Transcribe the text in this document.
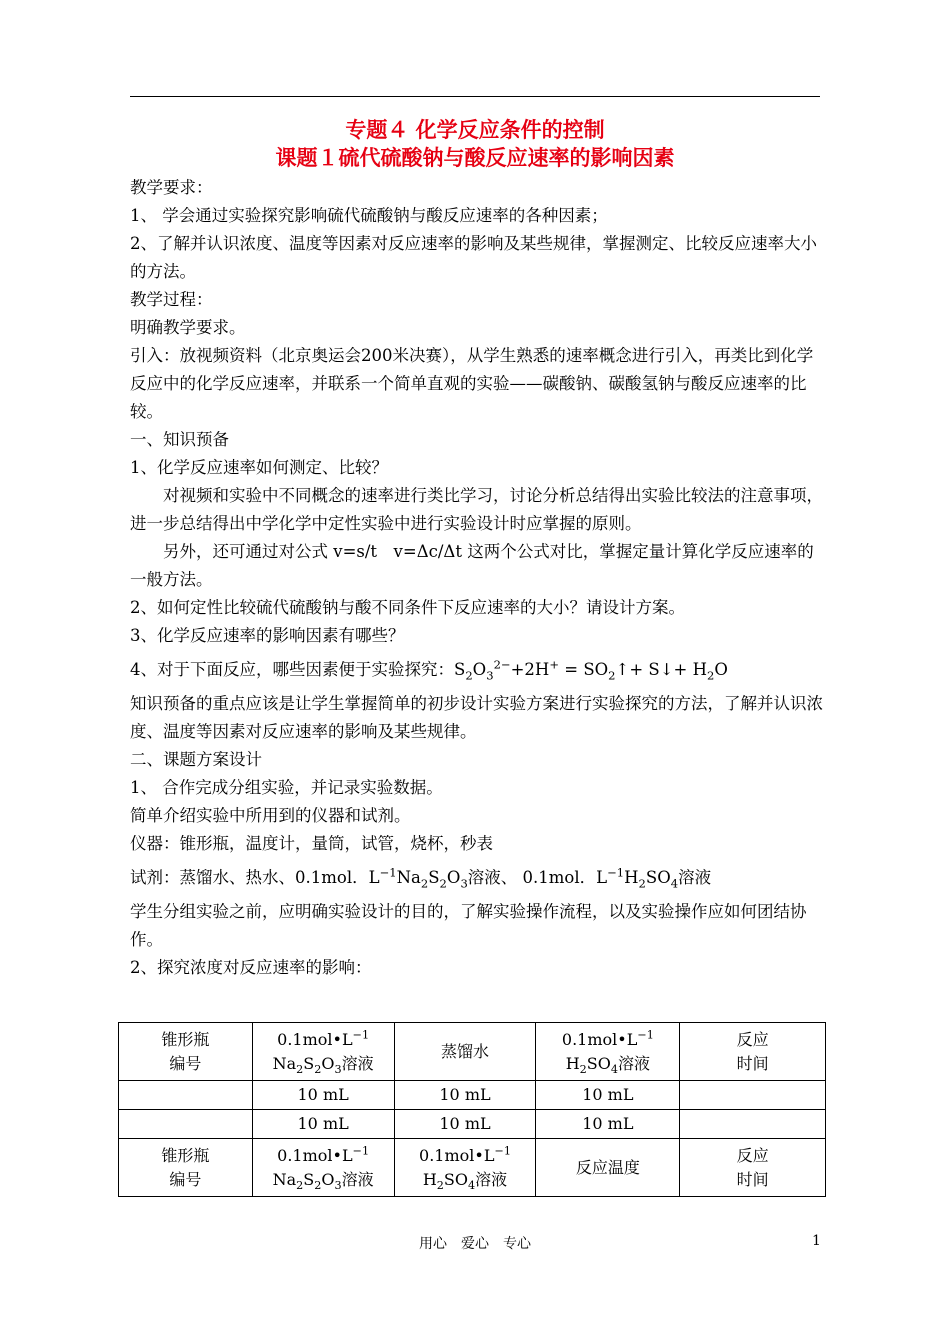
专题４ 化学反应条件的控制
课题１硫代硫酸钠与酸反应速率的影响因素

教学要求：

1、 学会通过实验探究影响硫代硫酸钠与酸反应速率的各种因素；

2、了解并认识浓度、温度等因素对反应速率的影响及某些规律，掌握测定、比较反应速率大小的方法。

教学过程：

明确教学要求。

引入：放视频资料（北京奥运会200米决赛），从学生熟悉的速率概念进行引入，再类比到化学反应中的化学反应速率，并联系一个简单直观的实验——碳酸钠、碳酸氢钠与酸反应速率的比较。

一、知识预备

1、化学反应速率如何测定、比较？

对视频和实验中不同概念的速率进行类比学习，讨论分析总结得出实验比较法的注意事项，进一步总结得出中学化学中定性实验中进行实验设计时应掌握的原则。

另外，还可通过对公式 v=s/t　v=Δc/Δt 这两个公式对比，掌握定量计算化学反应速率的一般方法。

2、如何定性比较硫代硫酸钠与酸不同条件下反应速率的大小？请设计方案。

3、化学反应速率的影响因素有哪些？

4、对于下面反应，哪些因素便于实验探究：$S_2O_3^{2-}+2H^+$ = $SO_2↑+$ S↓+ $H_2O$

知识预备的重点应该是让学生掌握简单的初步设计实验方案进行实验探究的方法，了解并认识浓度、温度等因素对反应速率的影响及某些规律。

二、课题方案设计

1、 合作完成分组实验，并记录实验数据。

简单介绍实验中所用到的仪器和试剂。

仪器：锥形瓶，温度计，量筒，试管，烧杯，秒表

试剂：蒸馏水、热水、0.1mol．$L^{-1}Na_2S_2O_3$溶液、 0.1mol．$L^{-1}H_2SO_4$溶液

学生分组实验之前，应明确实验设计的目的，了解实验操作流程，以及实验操作应如何团结协作。

2、探究浓度对反应速率的影响：

锥形瓶
编号	$0.1mol•L^{-1}$
$Na_2S_2O_3$溶液	蒸馏水	$0.1mol•L^{-1}$
$H_2SO_4$溶液	反应
时间
	10 mL	10 mL	10 mL	
	10 mL	10 mL	10 mL	
锥形瓶
编号	$0.1mol•L^{-1}$
$Na_2S_2O_3$溶液	$0.1mol•L^{-1}$
$H_2SO_4$溶液	反应温度	反应
时间
用心　爱心　专心	1
